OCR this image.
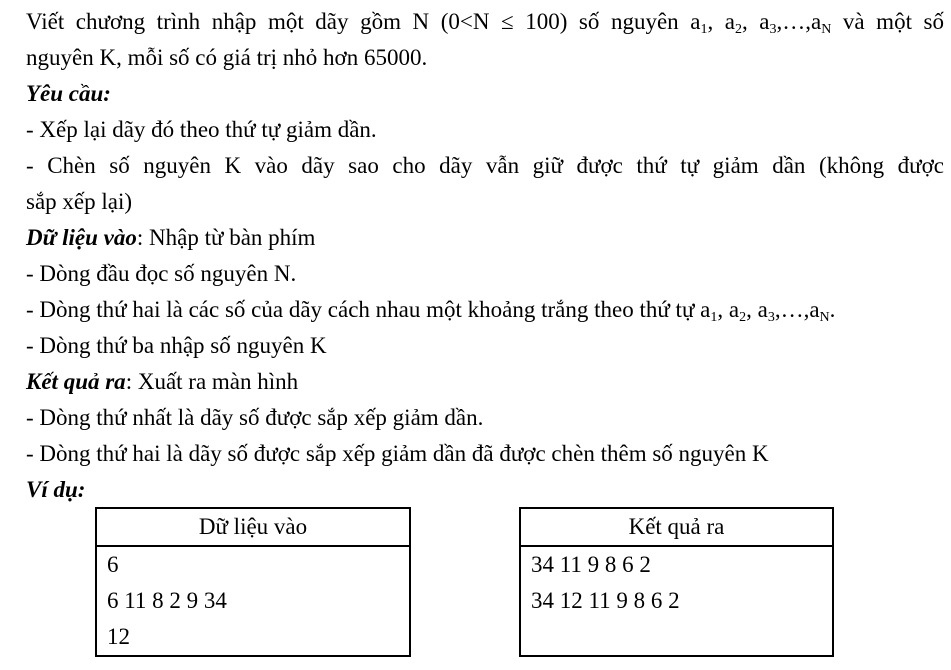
Viết chương trình nhập một dãy gồm N (0<N ≤ 100) số nguyên $a_1$, $a_2$, $a_3,\dots,a_N$ và một số
nguyên K, mỗi số có giá trị nhỏ hơn 65000.
Yêu cầu:
- Xếp lại dãy đó theo thứ tự giảm dần.
- Chèn số nguyên K vào dãy sao cho dãy vẫn giữ được thứ tự giảm dần (không được
sắp xếp lại)
Dữ liệu vào: Nhập từ bàn phím
- Dòng đầu đọc số nguyên N.
- Dòng thứ hai là các số của dãy cách nhau một khoảng trắng theo thứ tự $a_1$, $a_2$, $a_3,\dots,a_N$.
- Dòng thứ ba nhập số nguyên K
Kết quả ra: Xuất ra màn hình
- Dòng thứ nhất là dãy số được sắp xếp giảm dần.
- Dòng thứ hai là dãy số được sắp xếp giảm dần đã được chèn thêm số nguyên K
Ví dụ:
Dữ liệu vào
6
6 11 8 2 9 34
12
Kết quả ra
34 11 9 8 6 2
34 12 11 9 8 6 2
